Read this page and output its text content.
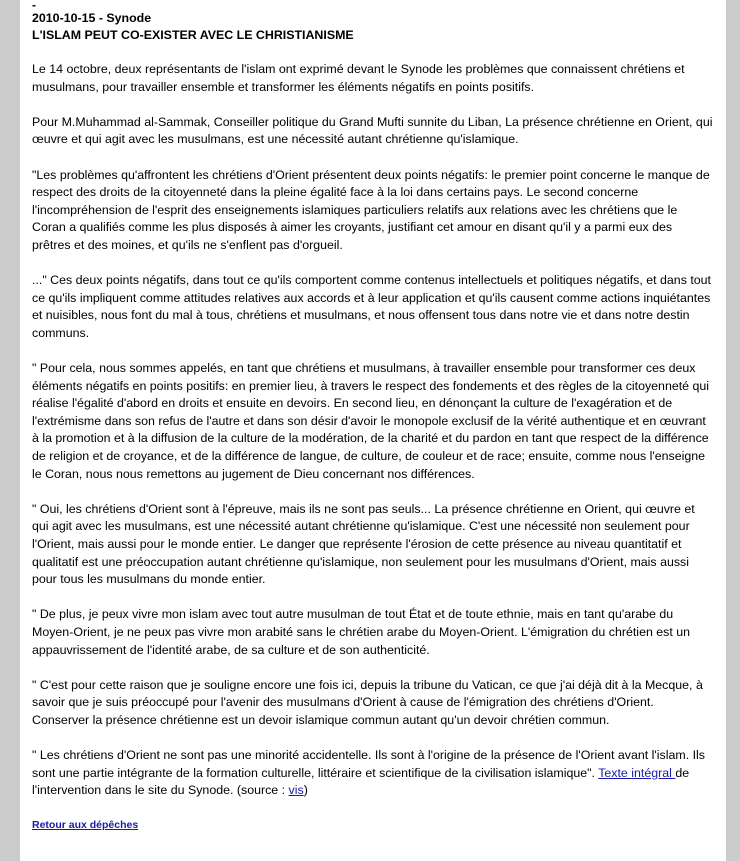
-
2010-10-15 - Synode
L'ISLAM PEUT CO-EXISTER AVEC LE CHRISTIANISME

Le 14 octobre, deux représentants de l'islam ont exprimé devant le Synode les problèmes que connaissent chrétiens et musulmans, pour travailler ensemble et transformer les éléments négatifs en points positifs.

Pour M.Muhammad al-Sammak, Conseiller politique du Grand Mufti sunnite du Liban, La présence chrétienne en Orient, qui œuvre et qui agit avec les musulmans, est une nécessité autant chrétienne qu'islamique.

"Les problèmes qu'affrontent les chrétiens d'Orient présentent deux points négatifs: le premier point concerne le manque de respect des droits de la citoyenneté dans la pleine égalité face à la loi dans certains pays. Le second concerne l'incompréhension de l'esprit des enseignements islamiques particuliers relatifs aux relations avec les chrétiens que le Coran a qualifiés comme les plus disposés à aimer les croyants, justifiant cet amour en disant qu'il y a parmi eux des prêtres et des moines, et qu'ils ne s'enflent pas d'orgueil.

..." Ces deux points négatifs, dans tout ce qu'ils comportent comme contenus intellectuels et politiques négatifs, et dans tout ce qu'ils impliquent comme attitudes relatives aux accords et à leur application et qu'ils causent comme actions inquiétantes et nuisibles, nous font du mal à tous, chrétiens et musulmans, et nous offensent tous dans notre vie et dans notre destin communs.

" Pour cela, nous sommes appelés, en tant que chrétiens et musulmans, à travailler ensemble pour transformer ces deux éléments négatifs en points positifs: en premier lieu, à travers le respect des fondements et des règles de la citoyenneté qui réalise l'égalité d'abord en droits et ensuite en devoirs. En second lieu, en dénonçant la culture de l'exagération et de l'extrémisme dans son refus de l'autre et dans son désir d'avoir le monopole exclusif de la vérité authentique et en œuvrant à la promotion et à la diffusion de la culture de la modération, de la charité et du pardon en tant que respect de la différence de religion et de croyance, et de la différence de langue, de culture, de couleur et de race; ensuite, comme nous l'enseigne le Coran, nous nous remettons au jugement de Dieu concernant nos différences.

" Oui, les chrétiens d'Orient sont à l'épreuve, mais ils ne sont pas seuls... La présence chrétienne en Orient, qui œuvre et qui agit avec les musulmans, est une nécessité autant chrétienne qu'islamique. C'est une nécessité non seulement pour l'Orient, mais aussi pour le monde entier. Le danger que représente l'érosion de cette présence au niveau quantitatif et qualitatif est une préoccupation autant chrétienne qu'islamique, non seulement pour les musulmans d'Orient, mais aussi pour tous les musulmans du monde entier.

" De plus, je peux vivre mon islam avec tout autre musulman de tout État et de toute ethnie, mais en tant qu'arabe du Moyen-Orient, je ne peux pas vivre mon arabité sans le chrétien arabe du Moyen-Orient. L'émigration du chrétien est un appauvrissement de l'identité arabe, de sa culture et de son authenticité.

" C'est pour cette raison que je souligne encore une fois ici, depuis la tribune du Vatican, ce que j'ai déjà dit à la Mecque, à savoir que je suis préoccupé pour l'avenir des musulmans d'Orient à cause de l'émigration des chrétiens d'Orient. Conserver la présence chrétienne est un devoir islamique commun autant qu'un devoir chrétien commun.

" Les chrétiens d'Orient ne sont pas une minorité accidentelle. Ils sont à l'origine de la présence de l'Orient avant l'islam. Ils sont une partie intégrante de la formation culturelle, littéraire et scientifique de la civilisation islamique". Texte intégral de l'intervention dans le site du Synode. (source : vis)

Retour aux dépêches
